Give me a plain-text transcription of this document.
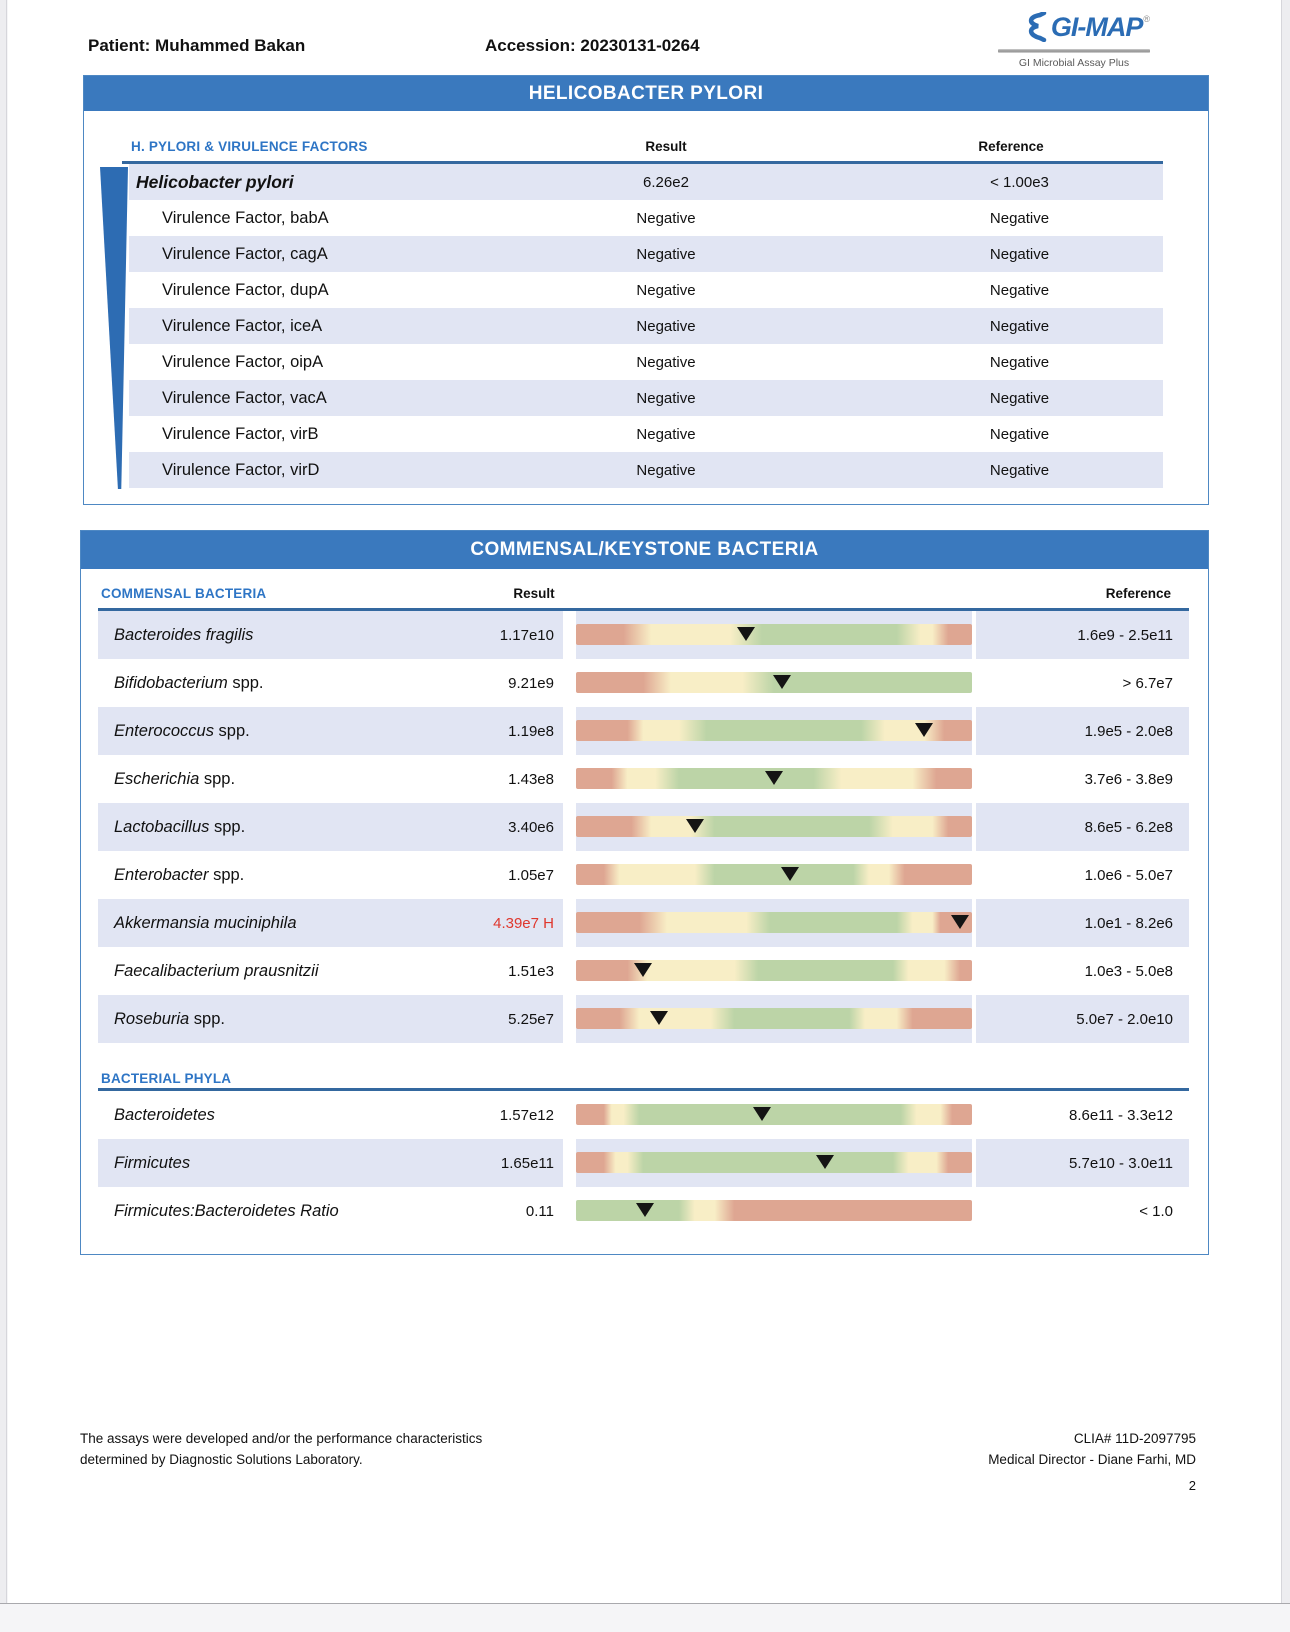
Patient: Muhammed Bakan	Accession: 20230131-0264
GI-MAP ®
GI Microbial Assay Plus
HELICOBACTER PYLORI
H. PYLORI & VIRULENCE FACTORS	Result	Reference
Helicobacter pylori	6.26e2	< 1.00e3
Virulence Factor, babA	Negative	Negative
Virulence Factor, cagA	Negative	Negative
Virulence Factor, dupA	Negative	Negative
Virulence Factor, iceA	Negative	Negative
Virulence Factor, oipA	Negative	Negative
Virulence Factor, vacA	Negative	Negative
Virulence Factor, virB	Negative	Negative
Virulence Factor, virD	Negative	Negative
COMMENSAL/KEYSTONE BACTERIA
COMMENSAL BACTERIA	Result	Reference
Bacteroides fragilis	1.17e10	1.6e9 - 2.5e11
Bifidobacterium spp.	9.21e9	> 6.7e7
Enterococcus spp.	1.19e8	1.9e5 - 2.0e8
Escherichia spp.	1.43e8	3.7e6 - 3.8e9
Lactobacillus spp.	3.40e6	8.6e5 - 6.2e8
Enterobacter spp.	1.05e7	1.0e6 - 5.0e7
Akkermansia muciniphila	4.39e7 H	1.0e1 - 8.2e6
Faecalibacterium prausnitzii	1.51e3	1.0e3 - 5.0e8
Roseburia spp.	5.25e7	5.0e7 - 2.0e10
BACTERIAL PHYLA
Bacteroidetes	1.57e12	8.6e11 - 3.3e12
Firmicutes	1.65e11	5.7e10 - 3.0e11
Firmicutes:Bacteroidetes Ratio	0.11	< 1.0
The assays were developed and/or the performance characteristics
determined by Diagnostic Solutions Laboratory.
CLIA# 11D-2097795
Medical Director - Diane Farhi, MD
2
